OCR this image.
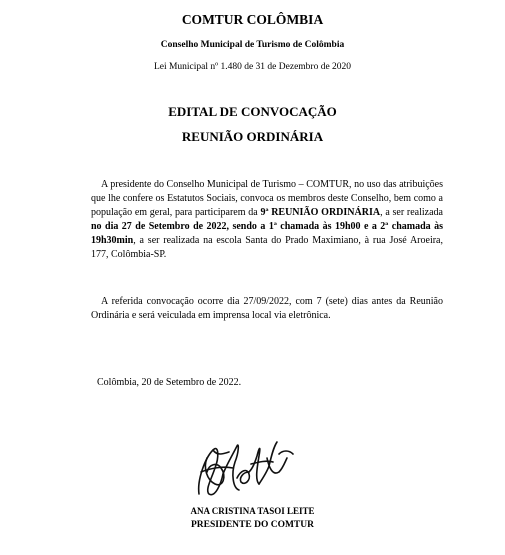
COMTUR COLÔMBIA
Conselho Municipal de Turismo de Colômbia
Lei Municipal nº 1.480 de 31 de Dezembro de 2020
EDITAL DE CONVOCAÇÃO
REUNIÃO ORDINÁRIA
A presidente do Conselho Municipal de Turismo – COMTUR, no uso das atribuições que lhe confere os Estatutos Sociais, convoca os membros deste Conselho, bem como a população em geral, para participarem da 9ª REUNIÃO ORDINÁRIA, a ser realizada no dia 27 de Setembro de 2022, sendo a 1ª chamada às 19h00 e a 2ª chamada às 19h30min, a ser realizada na escola Santa do Prado Maximiano, à rua José Aroeira, 177, Colômbia-SP.
A referida convocação ocorre dia 27/09/2022, com 7 (sete) dias antes da Reunião Ordinária e será veiculada em imprensa local via eletrônica.
Colômbia, 20 de Setembro de 2022.
ANA CRISTINA TASOI LEITE
PRESIDENTE DO COMTUR
